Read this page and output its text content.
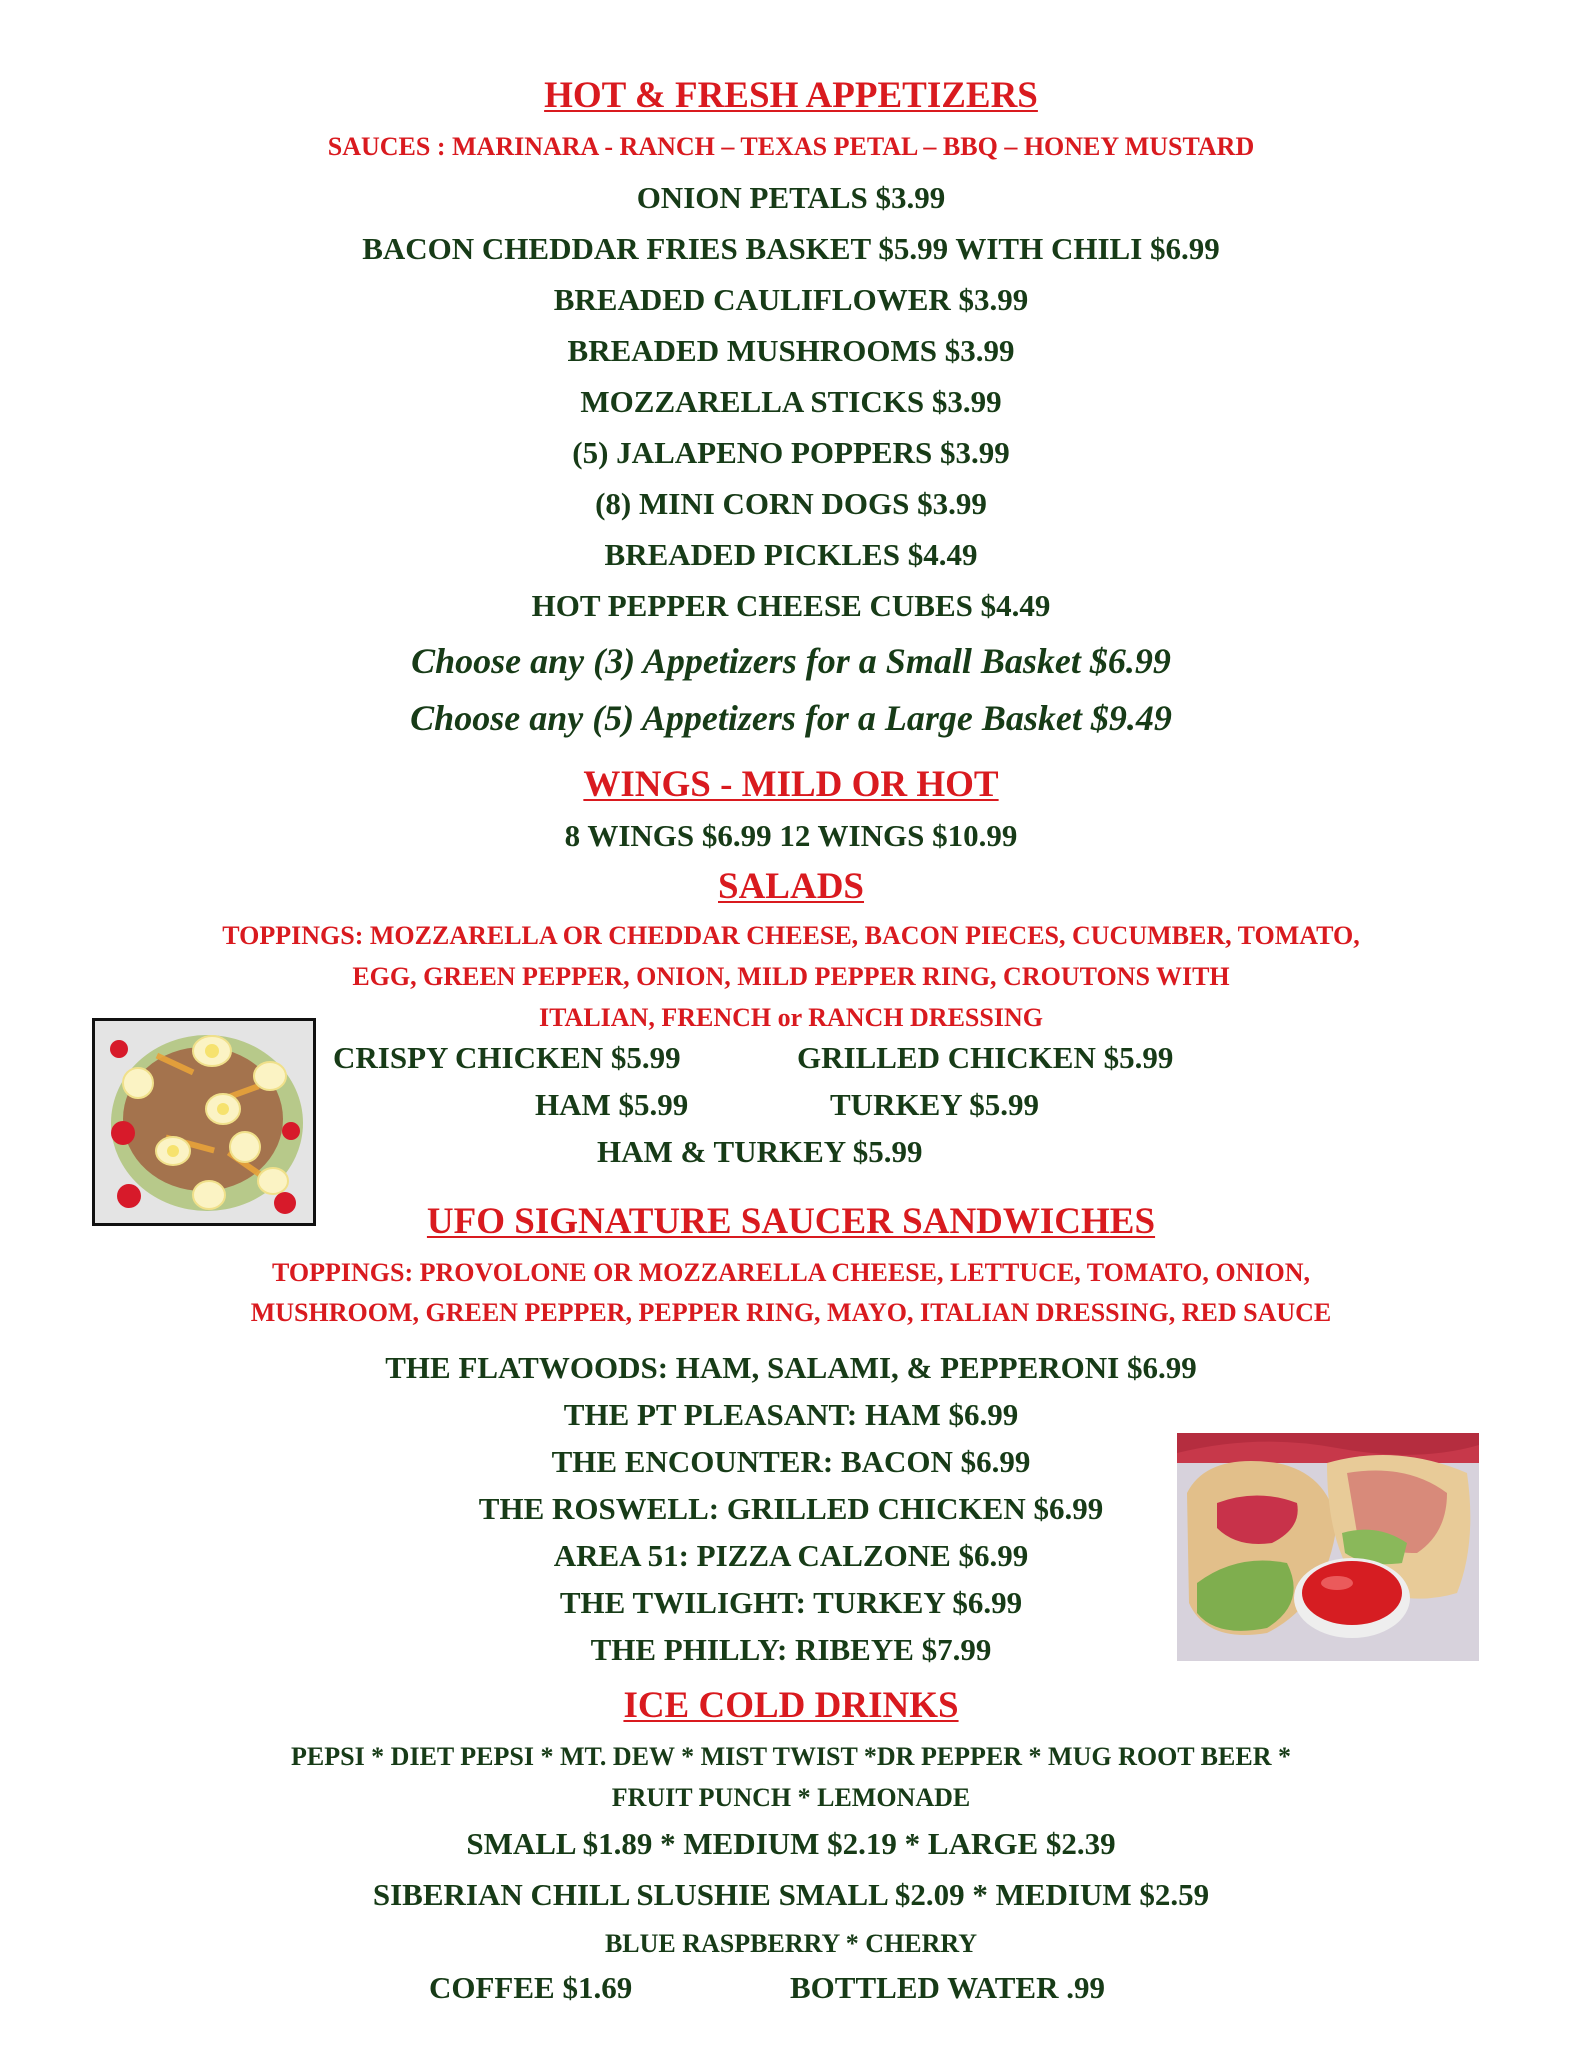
HOT & FRESH APPETIZERS
SAUCES : MARINARA - RANCH – TEXAS PETAL – BBQ – HONEY MUSTARD
ONION PETALS $3.99
BACON CHEDDAR FRIES BASKET $5.99 WITH CHILI $6.99
BREADED CAULIFLOWER $3.99
BREADED MUSHROOMS $3.99
MOZZARELLA STICKS $3.99
(5) JALAPENO POPPERS $3.99
(8) MINI CORN DOGS $3.99
BREADED PICKLES $4.49
HOT PEPPER CHEESE CUBES $4.49
Choose any (3) Appetizers for a Small Basket $6.99
Choose any (5) Appetizers for a Large Basket $9.49
WINGS - MILD OR HOT
8 WINGS $6.99 12 WINGS $10.99
SALADS
TOPPINGS: MOZZARELLA OR CHEDDAR CHEESE, BACON PIECES, CUCUMBER, TOMATO,
EGG, GREEN PEPPER, ONION, MILD PEPPER RING, CROUTONS WITH
ITALIAN, FRENCH or RANCH DRESSING
CRISPY CHICKEN $5.99	GRILLED CHICKEN $5.99
HAM $5.99	TURKEY $5.99
HAM & TURKEY $5.99
UFO SIGNATURE SAUCER SANDWICHES
TOPPINGS: PROVOLONE OR MOZZARELLA CHEESE, LETTUCE, TOMATO, ONION,
MUSHROOM, GREEN PEPPER, PEPPER RING, MAYO, ITALIAN DRESSING, RED SAUCE
THE FLATWOODS: HAM, SALAMI, & PEPPERONI $6.99
THE PT PLEASANT: HAM $6.99
THE ENCOUNTER: BACON $6.99
THE ROSWELL: GRILLED CHICKEN $6.99
AREA 51: PIZZA CALZONE $6.99
THE TWILIGHT: TURKEY $6.99
THE PHILLY: RIBEYE $7.99
ICE COLD DRINKS
PEPSI * DIET PEPSI * MT. DEW * MIST TWIST *DR PEPPER * MUG ROOT BEER *
FRUIT PUNCH * LEMONADE
SMALL $1.89 * MEDIUM $2.19 * LARGE $2.39
SIBERIAN CHILL SLUSHIE SMALL $2.09 * MEDIUM $2.59
BLUE RASPBERRY * CHERRY
COFFEE $1.69	BOTTLED WATER .99
